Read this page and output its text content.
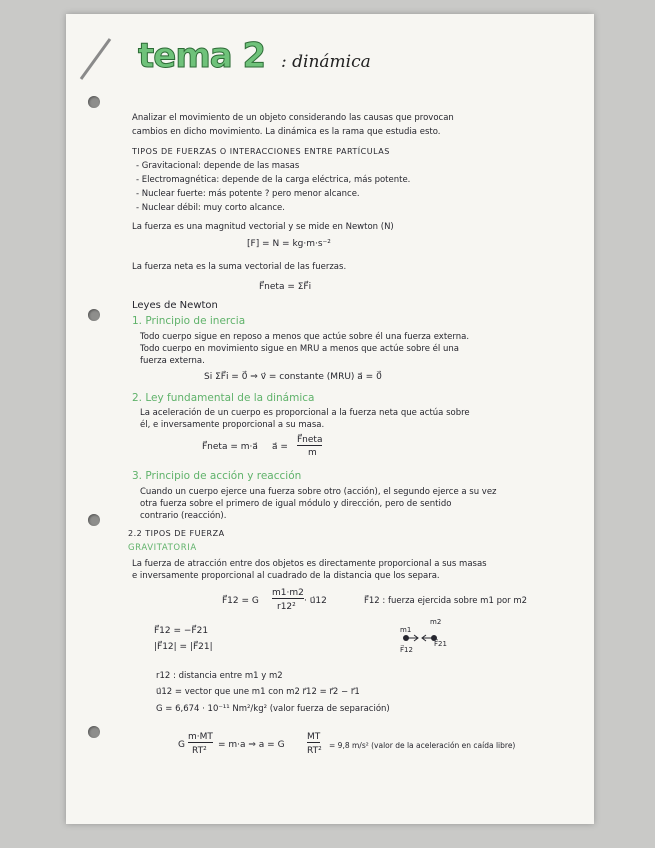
tema 2 : dinámica
Analizar el movimiento de un objeto considerando las causas que provocan
cambios en dicho movimiento. La dinámica es la rama que estudia esto.
TIPOS DE FUERZAS O INTERACCIONES ENTRE PARTÍCULAS
- Gravitacional: depende de las masas
- Electromagnética: depende de la carga eléctrica, más potente.
- Nuclear fuerte: más potente ? pero menor alcance.
- Nuclear débil: muy corto alcance.
La fuerza es una magnitud vectorial y se mide en Newton (N)
[F] = N = kg·m·s⁻²
La fuerza neta es la suma vectorial de las fuerzas.
F⃗neta = ΣF⃗i
Leyes de Newton
1. Principio de inercia
Todo cuerpo sigue en reposo a menos que actúe sobre él una fuerza externa.
Todo cuerpo en movimiento sigue en MRU a menos que actúe sobre él una
fuerza externa.
Si ΣF⃗i = 0⃗ ⇒ v⃗ = constante (MRU) a⃗ = 0⃗
2. Ley fundamental de la dinámica
La aceleración de un cuerpo es proporcional a la fuerza neta que actúa sobre
él, e inversamente proporcional a su masa.
F⃗neta = m·a⃗ a⃗ =
F⃗neta
m
3. Principio de acción y reacción
Cuando un cuerpo ejerce una fuerza sobre otro (acción), el segundo ejerce a su vez
otra fuerza sobre el primero de igual módulo y dirección, pero de sentido
contrario (reacción).
2.2 TIPOS DE FUERZA
GRAVITATORIA
La fuerza de atracción entre dos objetos es directamente proporcional a sus masas
e inversamente proporcional al cuadrado de la distancia que los separa.
F⃗12 = G
m1·m2
r12²
· u⃗12	F⃗12 : fuerza ejercida sobre m1 por m2
F⃗12 = −F⃗21
|F⃗12| = |F⃗21|
m1
m2
F⃗12
F⃗21
r12 : distancia entre m1 y m2
u⃗12 = vector que une m1 con m2 r⃗12 = r⃗2 − r⃗1
G = 6,674 · 10⁻¹¹ Nm²/kg² (valor fuerza de separación)
G
m·MT
RT²
= m·a ⇒ a = G
MT
RT²
= 9,8 m/s² (valor de la aceleración en caída libre)
